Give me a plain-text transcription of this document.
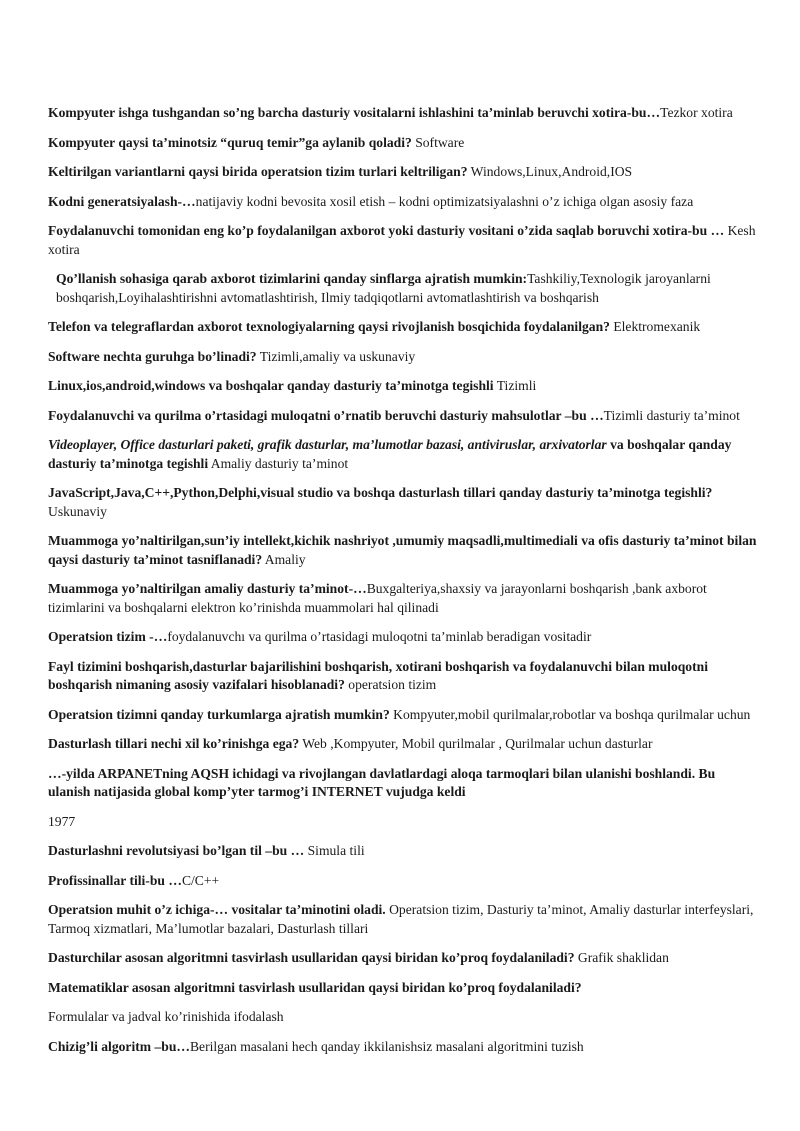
Kompyuter ishga tushgandan so’ng barcha dasturiy vositalarni ishlashini ta’minlab beruvchi xotira-bu…Tezkor xotira

Kompyuter qaysi ta’minotsiz “quruq temir”ga aylanib qoladi? Software

Keltirilgan variantlarni qaysi birida operatsion tizim turlari keltriligan? Windows,Linux,Android,IOS

Kodni generatsiyalash-…natijaviy kodni bevosita xosil etish – kodni optimizatsiyalashni o’z ichiga olgan asosiy faza

Foydalanuvchi tomonidan eng ko’p foydalanilgan axborot yoki dasturiy vositani o’zida saqlab boruvchi xotira-bu … Kesh xotira

Qo’llanish sohasiga qarab axborot tizimlarini qanday sinflarga ajratish mumkin:Tashkiliy,Texnologik jaroyanlarni boshqarish,Loyihalashtirishni avtomatlashtirish, Ilmiy tadqiqotlarni avtomatlashtirish va boshqarish

Telefon va telegraflardan axborot texnologiyalarning qaysi rivojlanish bosqichida foydalanilgan? Elektromexanik

Software nechta guruhga bo’linadi? Tizimli,amaliy va uskunaviy

Linux,ios,android,windows va boshqalar qanday dasturiy ta’minotga tegishli Tizimli

Foydalanuvchi va qurilma o’rtasidagi muloqatni o’rnatib beruvchi dasturiy mahsulotlar –bu …Tizimli dasturiy ta’minot

Videoplayer, Office dasturlari paketi, grafik dasturlar, ma’lumotlar bazasi, antiviruslar, arxivatorlar va boshqalar qanday dasturiy ta’minotga tegishli Amaliy dasturiy ta’minot

JavaScript,Java,C++,Python,Delphi,visual studio va boshqa dasturlash tillari qanday dasturiy ta’minotga tegishli? Uskunaviy

Muammoga yo’naltirilgan,sun’iy intellekt,kichik nashriyot ,umumiy maqsadli,multimediali va ofis dasturiy ta’minot bilan qaysi dasturiy ta’minot tasniflanadi? Amaliy

Muammoga yo’naltirilgan amaliy dasturiy ta’minot-…Buxgalteriya,shaxsiy va jarayonlarni boshqarish ,bank axborot tizimlarini va boshqalarni elektron ko’rinishda muammolari hal qilinadi

Operatsion tizim -…foydalanuvchı va qurilma o’rtasidagi muloqotni ta’minlab beradigan vositadir

Fayl tizimini boshqarish,dasturlar bajarilishini boshqarish, xotirani boshqarish va foydalanuvchi bilan muloqotni boshqarish nimaning asosiy vazifalari hisoblanadi? operatsion tizim

Operatsion tizimni qanday turkumlarga ajratish mumkin? Kompyuter,mobil qurilmalar,robotlar va boshqa qurilmalar uchun

Dasturlash tillari nechi xil ko’rinishga ega? Web ,Kompyuter, Mobil qurilmalar , Qurilmalar uchun dasturlar

…-yilda ARPANETning AQSH ichidagi va rivojlangan davlatlardagi aloqa tarmoqlari bilan ulanishi boshlandi. Bu ulanish natijasida global komp’yter tarmog’i INTERNET vujudga keldi

1977

Dasturlashni revolutsiyasi bo’lgan til –bu … Simula tili

Profissinallar tili-bu …C/C++

Operatsion muhit o’z ichiga-… vositalar ta’minotini oladi. Operatsion tizim, Dasturiy ta’minot, Amaliy dasturlar interfeyslari, Tarmoq xizmatlari, Ma’lumotlar bazalari, Dasturlash tillari

Dasturchilar asosan algoritmni tasvirlash usullaridan qaysi biridan ko’proq foydalaniladi? Grafik shaklidan

Matematiklar asosan algoritmni tasvirlash usullaridan qaysi biridan ko’proq foydalaniladi?

Formulalar va jadval ko’rinishida ifodalash

Chizig’li algoritm –bu…Berilgan masalani hech qanday ikkilanishsiz masalani algoritmini tuzish
